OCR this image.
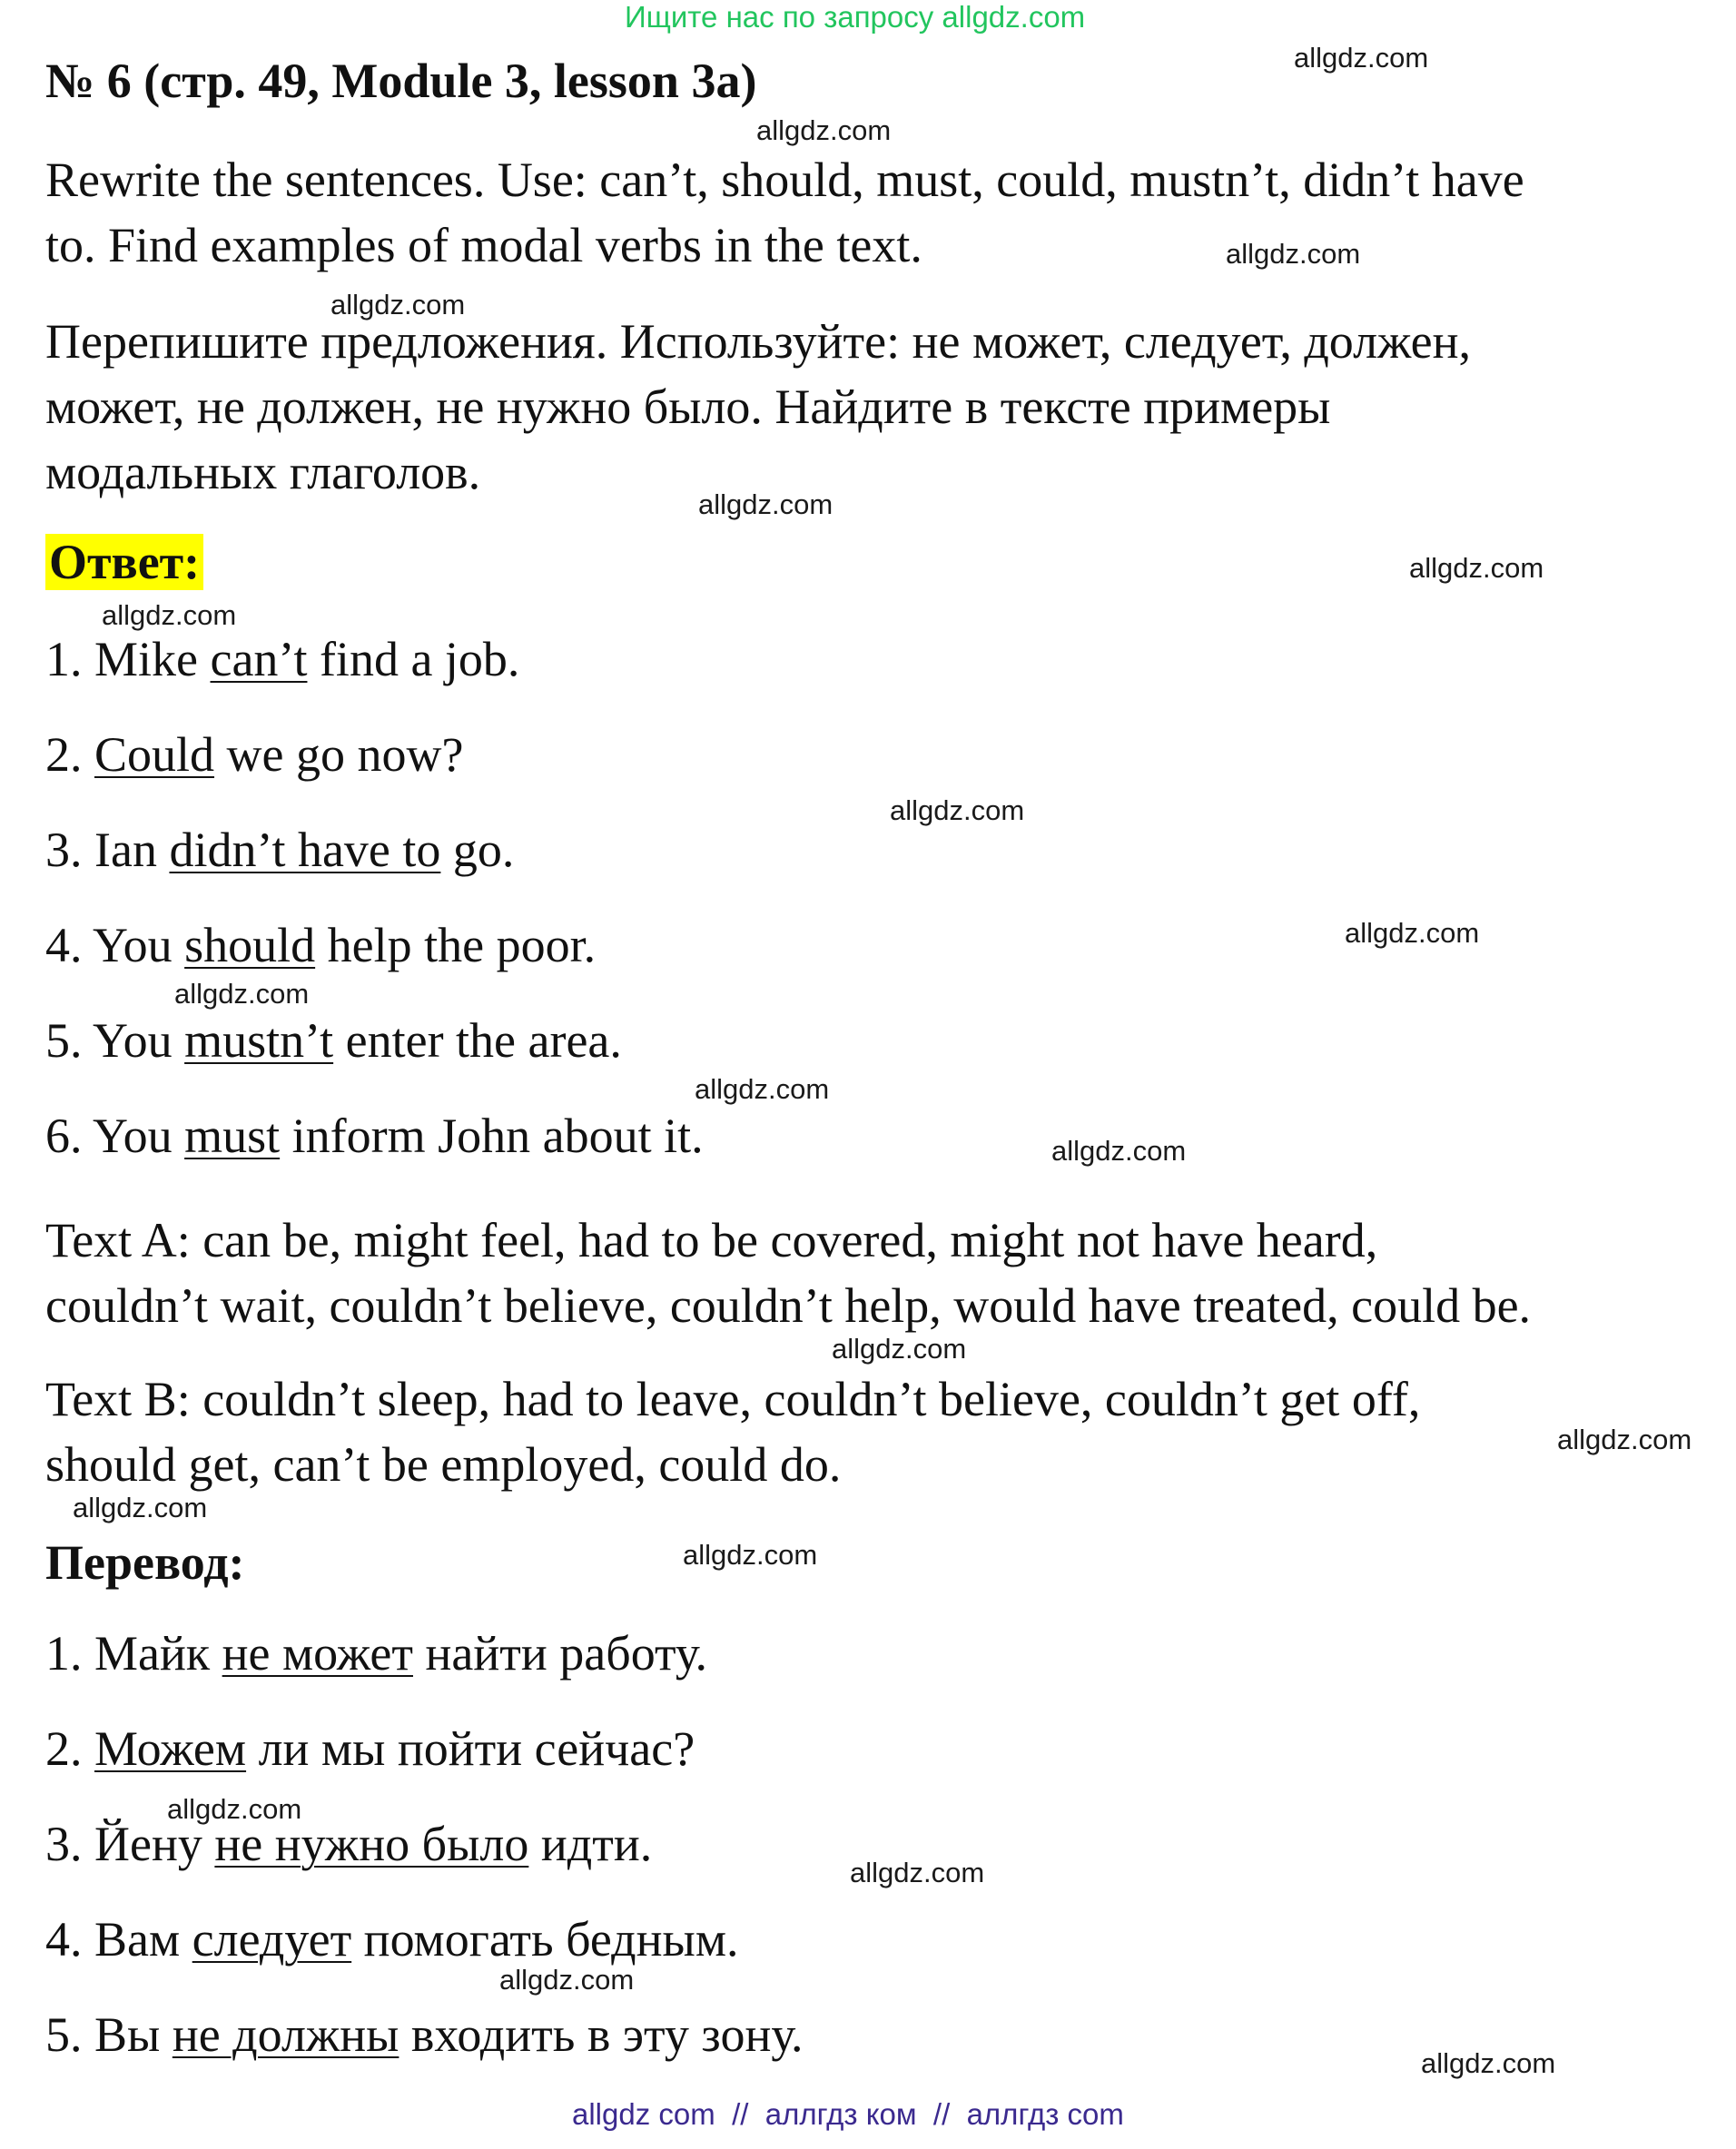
Ищите нас по запросу allgdz.com
№ 6 (стр. 49, Module 3, lesson 3a)
Rewrite the sentences. Use: can’t, should, must, could, mustn’t, didn’t have
to. Find examples of modal verbs in the text.
Перепишите предложения. Используйте: не может, следует, должен,
может, не должен, не нужно было. Найдите в тексте примеры
модальных глаголов.
Ответ:
1. Mike can’t find a job.
2. Could we go now?
3. Ian didn’t have to go.
4. You should help the poor.
5. You mustn’t enter the area.
6. You must inform John about it.
Text A: can be, might feel, had to be covered, might not have heard,
couldn’t wait, couldn’t believe, couldn’t help, would have treated, could be.
Text B: couldn’t sleep, had to leave, couldn’t believe, couldn’t get off,
should get, can’t be employed, could do.
Перевод:
1. Майк не может найти работу.
2. Можем ли мы пойти сейчас?
3. Йену не нужно было идти.
4. Вам следует помогать бедным.
5. Вы не должны входить в эту зону.
allgdz.com
allgdz.com
allgdz.com
allgdz.com
allgdz.com
allgdz.com
allgdz.com
allgdz.com
allgdz.com
allgdz.com
allgdz.com
allgdz.com
allgdz.com
allgdz.com
allgdz.com
allgdz.com
allgdz.com
allgdz.com
allgdz.com
allgdz.com
allgdz com  //  аллгдз ком  //  аллгдз com
